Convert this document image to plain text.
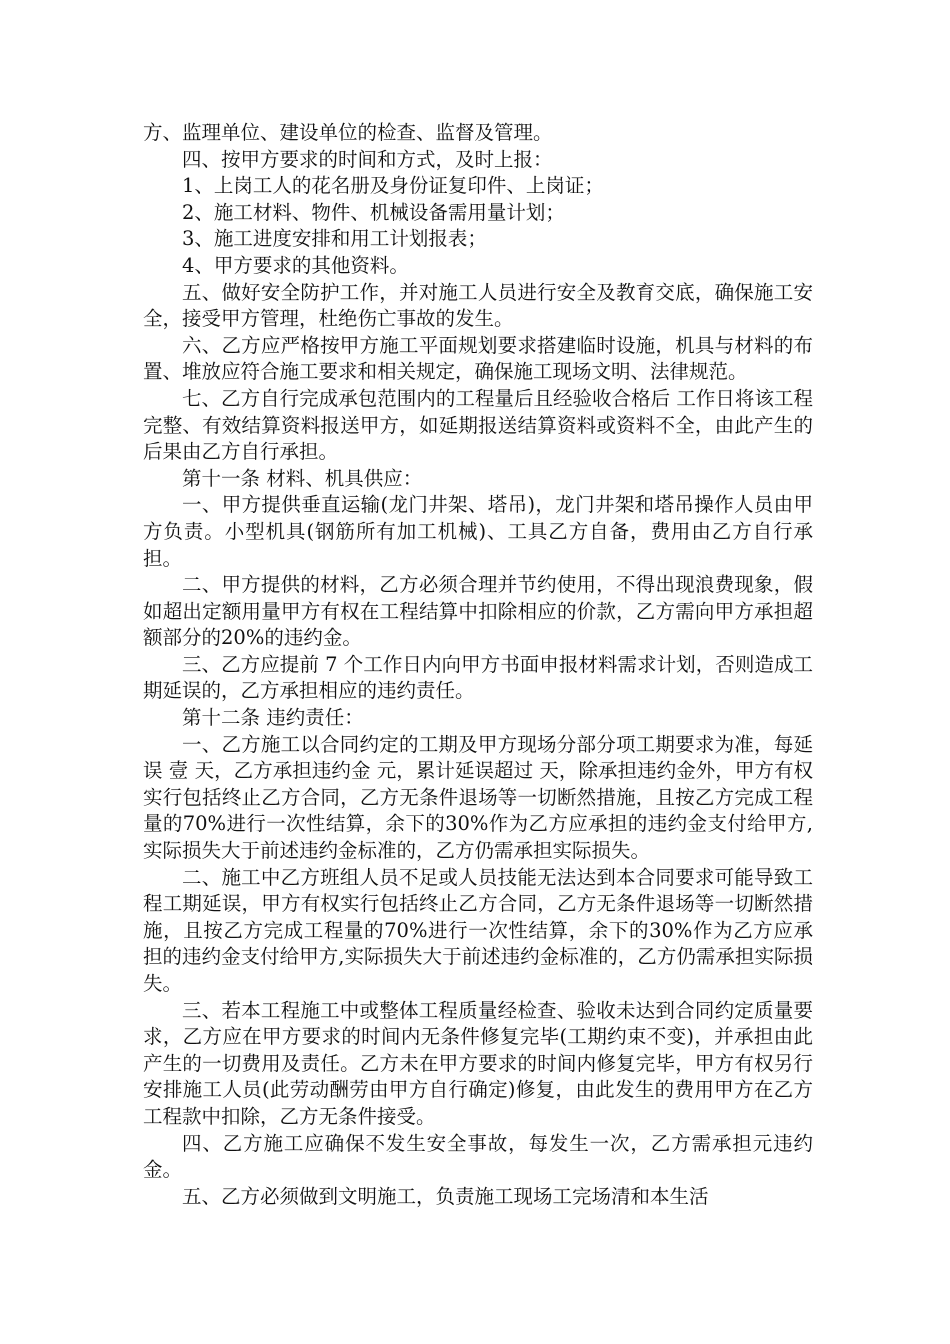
方、监理单位、建设单位的检查、监督及管理。

四、按甲方要求的时间和方式，及时上报：

1、上岗工人的花名册及身份证复印件、上岗证；

2、施工材料、物件、机械设备需用量计划；

3、施工进度安排和用工计划报表；

4、甲方要求的其他资料。

五、做好安全防护工作，并对施工人员进行安全及教育交底，确保施工安全，接受甲方管理，杜绝伤亡事故的发生。

六、乙方应严格按甲方施工平面规划要求搭建临时设施，机具与材料的布置、堆放应符合施工要求和相关规定，确保施工现场文明、法律规范。

七、乙方自行完成承包范围内的工程量后且经验收合格后 工作日将该工程完整、有效结算资料报送甲方，如延期报送结算资料或资料不全，由此产生的后果由乙方自行承担。

第十一条 材料、机具供应：

一、甲方提供垂直运输(龙门井架、塔吊)，龙门井架和塔吊操作人员由甲方负责。小型机具(钢筋所有加工机械)、工具乙方自备，费用由乙方自行承担。

二、甲方提供的材料，乙方必须合理并节约使用，不得出现浪费现象，假如超出定额用量甲方有权在工程结算中扣除相应的价款，乙方需向甲方承担超额部分的20%的违约金。

三、乙方应提前 7 个工作日内向甲方书面申报材料需求计划，否则造成工期延误的，乙方承担相应的违约责任。

第十二条 违约责任：

一、乙方施工以合同约定的工期及甲方现场分部分项工期要求为准，每延误 壹 天，乙方承担违约金 元，累计延误超过 天，除承担违约金外，甲方有权实行包括终止乙方合同，乙方无条件退场等一切断然措施，且按乙方完成工程量的70%进行一次性结算，余下的30%作为乙方应承担的违约金支付给甲方,实际损失大于前述违约金标准的，乙方仍需承担实际损失。

二、施工中乙方班组人员不足或人员技能无法达到本合同要求可能导致工程工期延误，甲方有权实行包括终止乙方合同，乙方无条件退场等一切断然措施，且按乙方完成工程量的70%进行一次性结算，余下的30%作为乙方应承担的违约金支付给甲方,实际损失大于前述违约金标准的，乙方仍需承担实际损失。

三、若本工程施工中或整体工程质量经检查、验收未达到合同约定质量要求，乙方应在甲方要求的时间内无条件修复完毕(工期约束不变)，并承担由此产生的一切费用及责任。乙方未在甲方要求的时间内修复完毕，甲方有权另行安排施工人员(此劳动酬劳由甲方自行确定)修复，由此发生的费用甲方在乙方工程款中扣除，乙方无条件接受。

四、乙方施工应确保不发生安全事故，每发生一次，乙方需承担元违约金。

五、乙方必须做到文明施工，负责施工现场工完场清和本生活
